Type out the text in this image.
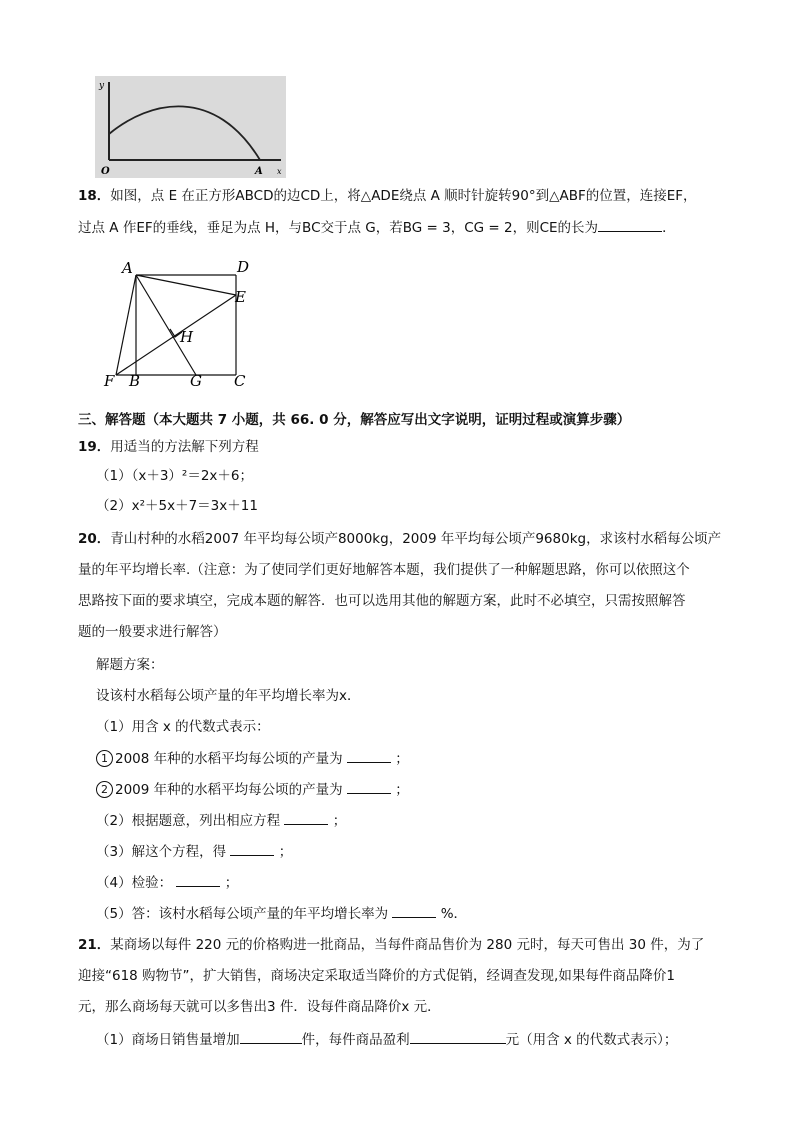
y
O	A x
18．如图，点 E 在正方形ABCD的边CD上，将△ADE绕点 A 顺时针旋转90°到△ABF的位置，连接EF，
过点 A 作EF的垂线，垂足为点 H，与BC交于点 G，若BG = 3，CG = 2，则CE的长为	．
A	D
E
H
F B	G C
三、解答题（本大题共 7 小题，共 66. 0 分，解答应写出文字说明，证明过程或演算步骤）
19．用适当的方法解下列方程
（1）（x＋3）²＝2x＋6；
（2）x²＋5x＋7＝3x＋11
20．青山村种的水稻2007 年平均每公顷产8000kg，2009 年平均每公顷产9680kg，求该村水稻每公顷产
量的年平均增长率.（注意：为了使同学们更好地解答本题，我们提供了一种解题思路，你可以依照这个
思路按下面的要求填空，完成本题的解答．也可以选用其他的解题方案，此时不必填空，只需按照解答
题的一般要求进行解答）
解题方案：
设该村水稻每公顷产量的年平均增长率为x．
（1）用含 x 的代数式表示：
1 2008 年种的水稻平均每公顷的产量为	；
2 2009 年种的水稻平均每公顷的产量为	；
（2）根据题意，列出相应方程	；
（3）解这个方程，得	；
（4）检验：	；
（5）答：该村水稻每公顷产量的年平均增长率为	%．
21．某商场以每件 220 元的价格购进一批商品，当每件商品售价为 280 元时，每天可售出 30 件，为了
迎接“618 购物节”，扩大销售，商场决定采取适当降价的方式促销，经调查发现,如果每件商品降价1
元，那么商场每天就可以多售出3 件．设每件商品降价x 元．
（1）商场日销售量增加	件，每件商品盈利	元（用含 x 的代数式表示）；
